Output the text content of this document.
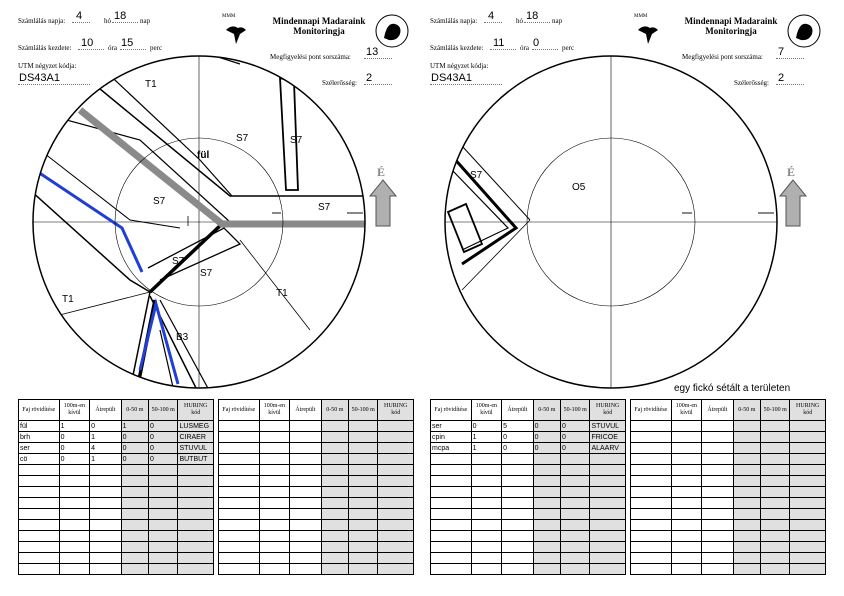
Számlálás napja: 4	hó 18 nap
Számlálás kezdete: 10 óra 15 perc
UTM négyzet kódja:
DS43A1
MMM	Mindennapi Madaraink
Monitoringja
Megfigyelési pont sorszáma: 13
Szélerősség: 2
É
T1
S7	S7
fül
S7
S7
S7
S7
T1
T1
B3
Faj rövidítése	100m-en kívül	Átrepült	0-50 m	50-100 m	HURING kód
fül	1	0	1	0	LUSMEG
brh	0	1	0	0	CIRAER
ser	0	4	0	0	STUVUL
cö	0	1	0	0	BUTBUT

Faj rövidítése	100m-en kívül	Átrepült	0-50 m	50-100 m	HURING kód

Számlálás napja: 4	hó 18 nap
Számlálás kezdete: 11 óra 0	perc
UTM négyzet kódja:
DS43A1
MMM	Mindennapi Madaraink
Monitoringja
Megfigyelési pont sorszáma: 7
Szélerősség: 2
É
S7
O5
egy fickó sétált a területen
Faj rövidítése	100m-en kívül	Átrepült	0-50 m	50-100 m	HURING kód
ser	0	5	0	0	STUVUL
cpin	1	0	0	0	FRICOE
mcpa	1	0	0	0	ALAARV

Faj rövidítése	100m-en kívül	Átrepült	0-50 m	50-100 m	HURING kód
